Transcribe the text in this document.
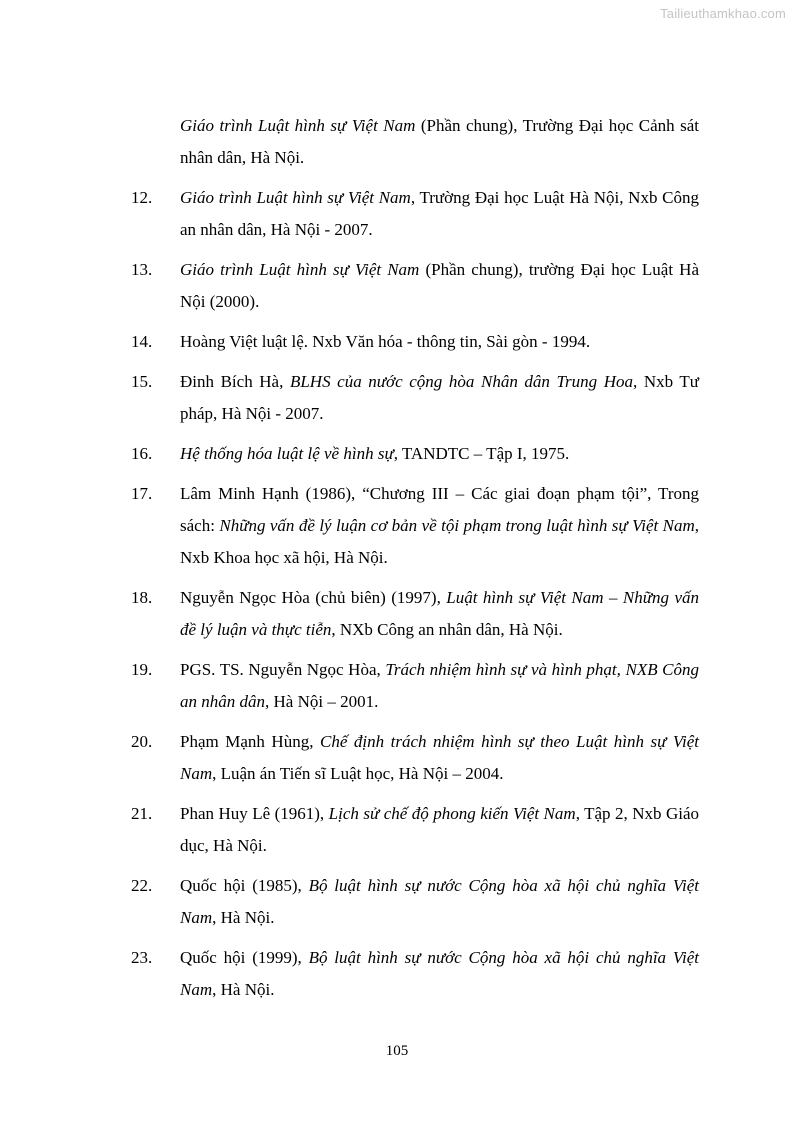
Tailieuthamkhao.com
Giáo trình Luật hình sự Việt Nam (Phần chung), Trường Đại học Cảnh sát nhân dân, Hà Nội.
12. Giáo trình Luật hình sự Việt Nam, Trường Đại học Luật Hà Nội, Nxb Công an nhân dân, Hà Nội - 2007.
13. Giáo trình Luật hình sự Việt Nam (Phần chung), trường Đại học Luật Hà Nội (2000).
14. Hoàng Việt luật lệ. Nxb Văn hóa - thông tin, Sài gòn - 1994.
15. Đinh Bích Hà, BLHS của nước cộng hòa Nhân dân Trung Hoa, Nxb Tư pháp, Hà Nội - 2007.
16. Hệ thống hóa luật lệ về hình sự, TANDTC – Tập I, 1975.
17. Lâm Minh Hạnh (1986), “Chương III – Các giai đoạn phạm tội”, Trong sách: Những vấn đề lý luận cơ bản về tội phạm trong luật hình sự Việt Nam, Nxb Khoa học xã hội, Hà Nội.
18. Nguyễn Ngọc Hòa (chủ biên) (1997), Luật hình sự Việt Nam – Những vấn đề lý luận và thực tiễn, NXb Công an nhân dân, Hà Nội.
19. PGS. TS. Nguyễn Ngọc Hòa, Trách nhiệm hình sự và hình phạt, NXB Công an nhân dân, Hà Nội – 2001.
20. Phạm Mạnh Hùng, Chế định trách nhiệm hình sự theo Luật hình sự Việt Nam, Luận án Tiến sĩ Luật học, Hà Nội – 2004.
21. Phan Huy Lê (1961), Lịch sử chế độ phong kiến Việt Nam, Tập 2, Nxb Giáo dục, Hà Nội.
22. Quốc hội (1985), Bộ luật hình sự nước Cộng hòa xã hội chủ nghĩa Việt Nam, Hà Nội.
23. Quốc hội (1999), Bộ luật hình sự nước Cộng hòa xã hội chủ nghĩa Việt Nam, Hà Nội.
105
